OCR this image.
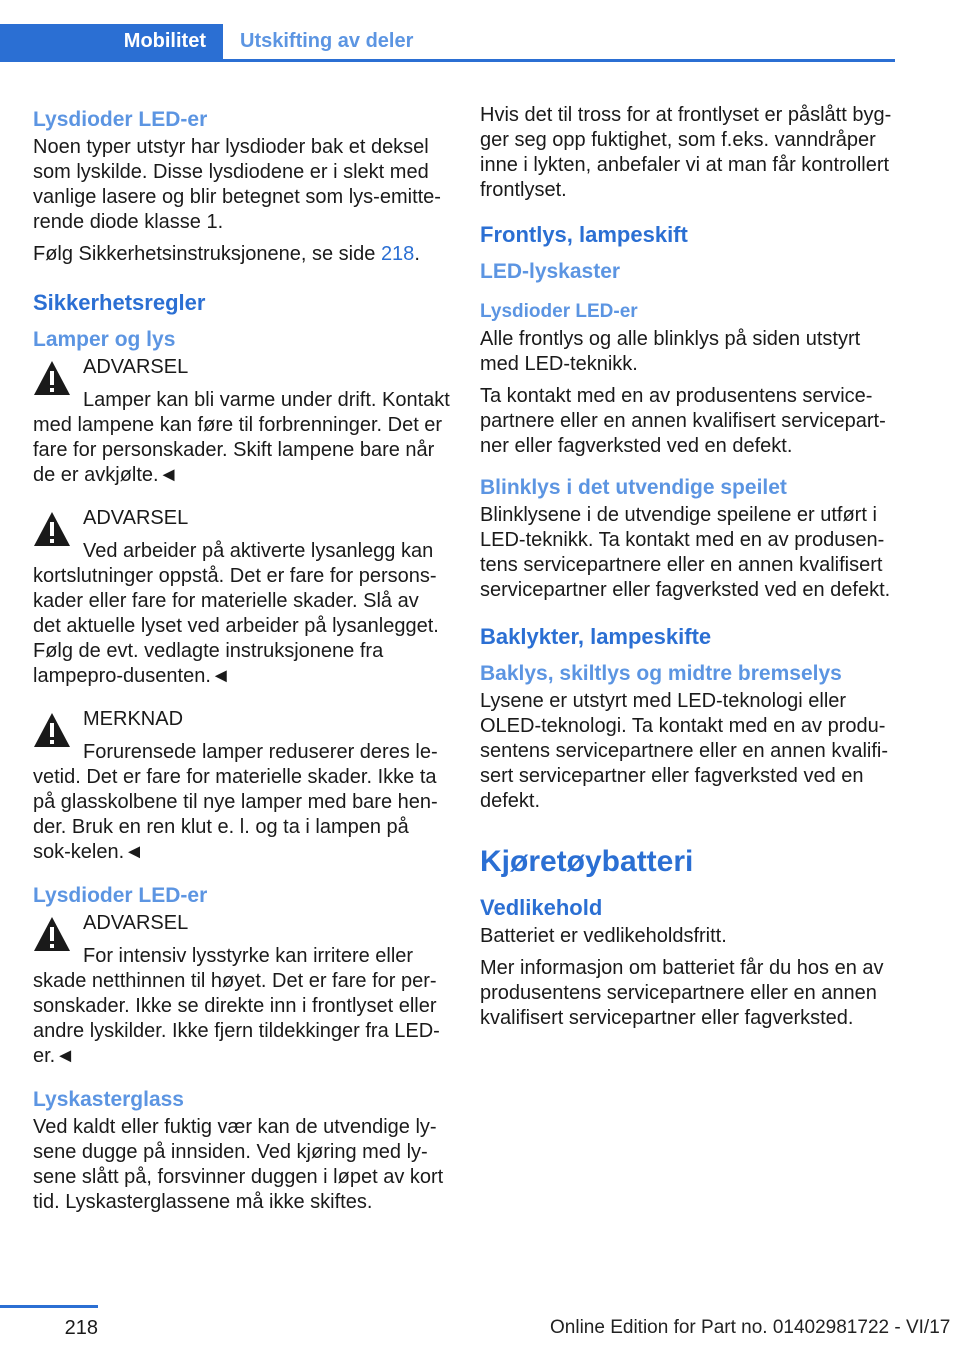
Mobilitet	Utskifting av deler
Lysdioder LED-er

Noen typer utstyr har lysdioder bak et deksel som lyskilde. Disse lysdiodene er i slekt med vanlige lasere og blir betegnet som lys-emitte-rende diode klasse 1.

Følg Sikkerhetsinstruksjonene, se side 218.

Sikkerhetsregler
Lamper og lys
ADVARSEL

Lamper kan bli varme under drift. Kontakt med lampene kan føre til forbrenninger. Det er fare for personskader. Skift lampene bare når de er avkjølte.◄

ADVARSEL

Ved arbeider på aktiverte lysanlegg kan kortslutninger oppstå. Det er fare for persons-kader eller fare for materielle skader. Slå av det aktuelle lyset ved arbeider på lysanlegget. Følg de evt. vedlagte instruksjonene fra lampepro-dusenten.◄

MERKNAD

Forurensede lamper reduserer deres le-vetid. Det er fare for materielle skader. Ikke ta på glasskolbene til nye lamper med bare hen-der. Bruk en ren klut e. l. og ta i lampen på sok-kelen.◄

Lysdioder LED-er
ADVARSEL

For intensiv lysstyrke kan irritere eller skade netthinnen til høyet. Det er fare for per-sonskader. Ikke se direkte inn i frontlyset eller andre lyskilder. Ikke fjern tildekkinger fra LED-er.◄

Lyskasterglass

Ved kaldt eller fuktig vær kan de utvendige ly-sene dugge på innsiden. Ved kjøring med ly-sene slått på, forsvinner duggen i løpet av kort tid. Lyskasterglassene må ikke skiftes.

Hvis det til tross for at frontlyset er påslått byg-ger seg opp fuktighet, som f.eks. vanndråper inne i lykten, anbefaler vi at man får kontrollert frontlyset.

Frontlys, lampeskift
LED-lyskaster
Lysdioder LED-er

Alle frontlys og alle blinklys på siden utstyrt med LED-teknikk.

Ta kontakt med en av produsentens service-partnere eller en annen kvalifisert servicepart-ner eller fagverksted ved en defekt.

Blinklys i det utvendige speilet

Blinklysene i de utvendige speilene er utført i LED-teknikk. Ta kontakt med en av produsen-tens servicepartnere eller en annen kvalifisert servicepartner eller fagverksted ved en defekt.

Baklykter, lampeskifte
Baklys, skiltlys og midtre bremselys

Lysene er utstyrt med LED-teknologi eller OLED-teknologi. Ta kontakt med en av produ-sentens servicepartnere eller en annen kvalifi-sert servicepartner eller fagverksted ved en defekt.

Kjøretøybatteri
Vedlikehold

Batteriet er vedlikeholdsfritt.

Mer informasjon om batteriet får du hos en av produsentens servicepartnere eller en annen kvalifisert servicepartner eller fagverksted.

218	Online Edition for Part no. 01402981722 - VI/17
